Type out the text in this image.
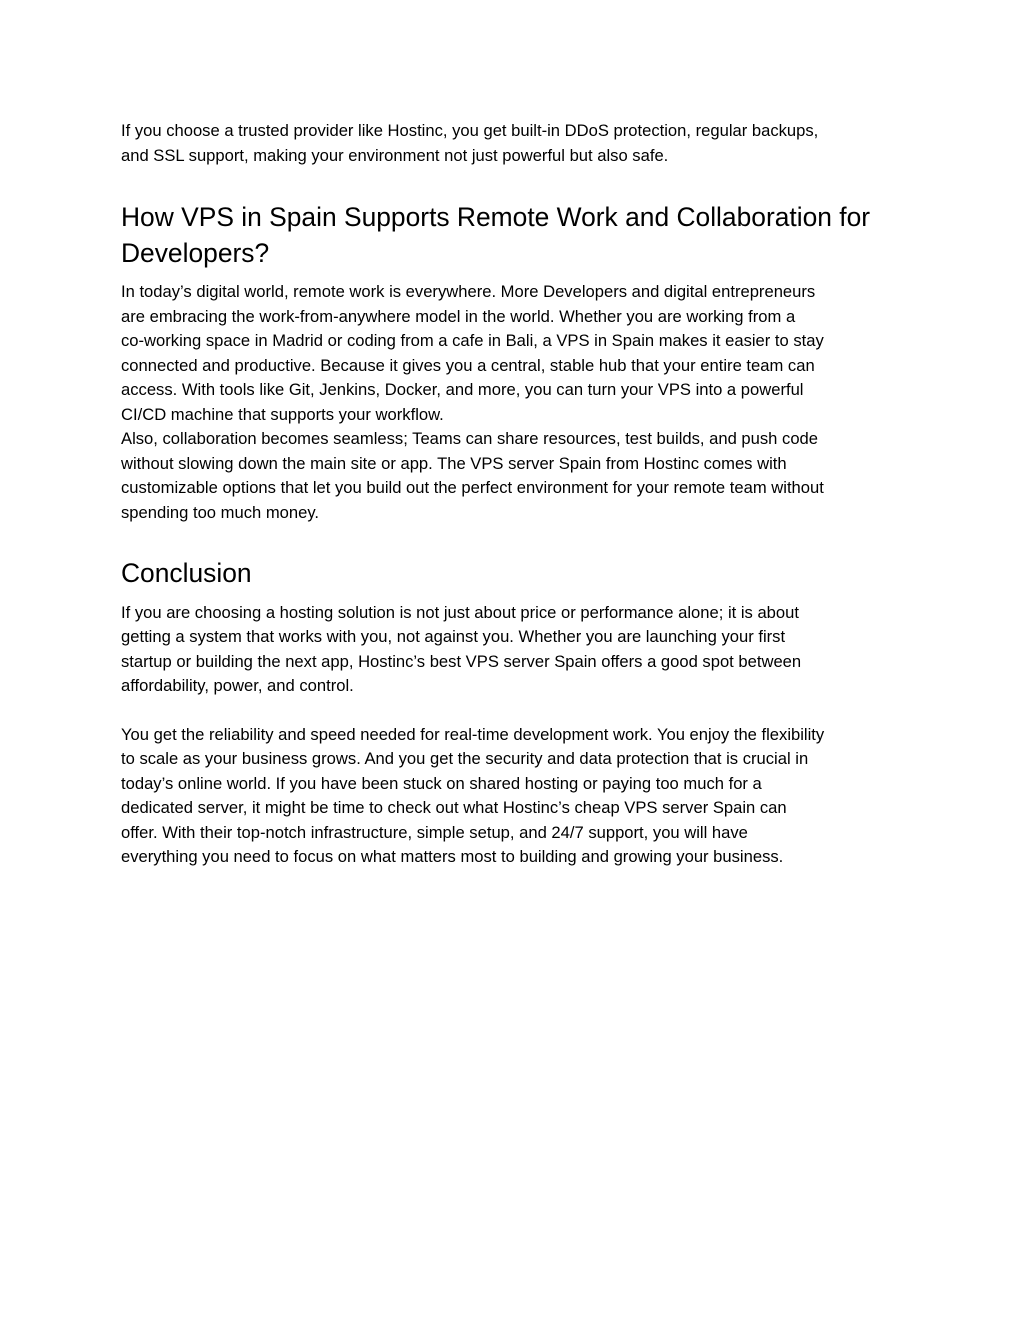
If you choose a trusted provider like Hostinc, you get built-in DDoS protection, regular backups,
and SSL support, making your environment not just powerful but also safe.

How VPS in Spain Supports Remote Work and Collaboration for
Developers?

In today’s digital world, remote work is everywhere. More Developers and digital entrepreneurs
are embracing the work-from-anywhere model in the world. Whether you are working from a
co-working space in Madrid or coding from a cafe in Bali, a VPS in Spain makes it easier to stay
connected and productive. Because it gives you a central, stable hub that your entire team can
access. With tools like Git, Jenkins, Docker, and more, you can turn your VPS into a powerful
CI/CD machine that supports your workflow.
Also, collaboration becomes seamless; Teams can share resources, test builds, and push code
without slowing down the main site or app. The VPS server Spain from Hostinc comes with
customizable options that let you build out the perfect environment for your remote team without
spending too much money.

Conclusion

If you are choosing a hosting solution is not just about price or performance alone; it is about
getting a system that works with you, not against you. Whether you are launching your first
startup or building the next app, Hostinc’s best VPS server Spain offers a good spot between
affordability, power, and control.

You get the reliability and speed needed for real-time development work. You enjoy the flexibility
to scale as your business grows. And you get the security and data protection that is crucial in
today’s online world. If you have been stuck on shared hosting or paying too much for a
dedicated server, it might be time to check out what Hostinc’s cheap VPS server Spain can
offer. With their top-notch infrastructure, simple setup, and 24/7 support, you will have
everything you need to focus on what matters most to building and growing your business.
